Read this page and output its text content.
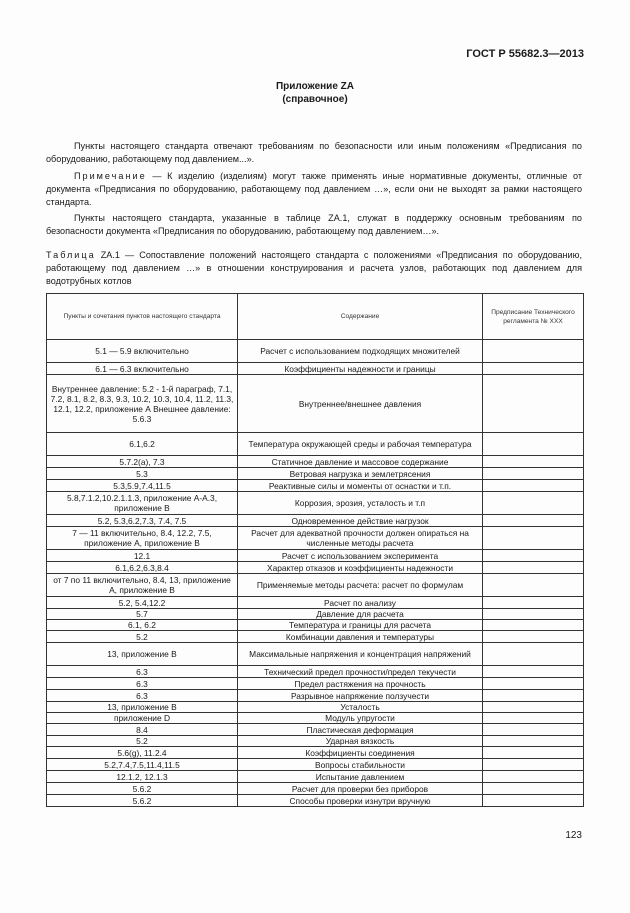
ГОСТ Р 55682.3—2013
Приложение ZA
(справочное)

Пункты настоящего стандарта отвечают требованиям по безопасности или иным положениям «Предписания по оборудованию, работающему под давлением...».

Примечание — К изделию (изделиям) могут также применять иные нормативные документы, отличные от документа «Предписания по оборудованию, работающему под давлением …», если они не выходят за рамки настоящего стандарта.

Пункты настоящего стандарта, указанные в таблице ZA.1, служат в поддержку основным требованиям по безопасности документа «Предписания по оборудованию, работающему под давлением…».

Таблица ZA.1 — Сопоставление положений настоящего стандарта с положениями «Предписания по оборудованию, работающему под давлением …» в отношении конструирования и расчета узлов, работающих под давлением для водотрубных котлов

Пункты и сочетания пунктов настоящего стандарта	Содержание	Предписание Технического регламента № XXX
5.1 — 5.9 включительно	Расчет с использованием подходящих множителей	
6.1 — 6.3 включительно	Коэффициенты надежности и границы	
Внутреннее давление: 5.2 - 1-й параграф, 7.1, 7.2, 8.1, 8.2, 8.3, 9.3, 10.2, 10.3, 10.4, 11.2, 11.3, 12.1, 12.2, приложение А Внешнее давление: 5.6.3	Внутреннее/внешнее давления	
6.1,6.2	Температура окружающей среды и рабочая температура	
5.7.2(a), 7.3	Статичное давление и массовое содержание	
5.3	Ветровая нагрузка и землетрясения	
5.3,5.9,7.4,11.5	Реактивные силы и моменты от оснастки и т.п.	
5.8,7.1.2,10.2.1.1.3, приложение А-А.3, приложение В	Коррозия, эрозия, усталость и т.п	
5.2, 5.3,6.2,7.3, 7.4, 7.5	Одновременное действие нагрузок	
7 — 11 включительно, 8.4, 12.2, 7.5, приложение А, приложение В	Расчет для адекватной прочности должен опираться на численные методы расчета	
12.1	Расчет с использованием эксперимента	
6.1,6.2,6.3,8.4	Характер отказов и коэффициенты надежности	
от 7 по 11 включительно, 8.4, 13, приложение А, приложение В	Применяемые методы расчета: расчет по формулам	
5.2, 5.4,12.2	Расчет по анализу	
5.7	Давление для расчета	
6.1, 6.2	Температура и границы для расчета	
5.2	Комбинации давления и температуры	
13, приложение В	Максимальные напряжения и концентрация напряжений	
6.3	Технический предел прочности/предел текучести	
6.3	Предел растяжения на прочность	
6.3	Разрывное напряжение ползучести	
13, приложение В	Усталость	
приложение D	Модуль упругости	
8.4	Пластическая деформация	
5.2	Ударная вязкость	
5.6(g), 11.2.4	Коэффициенты соединения	
5.2,7.4,7.5,11.4,11.5	Вопросы стабильности	
12.1.2, 12.1.3	Испытание давлением	
5.6.2	Расчет для проверки без приборов	
5.6.2	Способы проверки изнутри вручную	
123
